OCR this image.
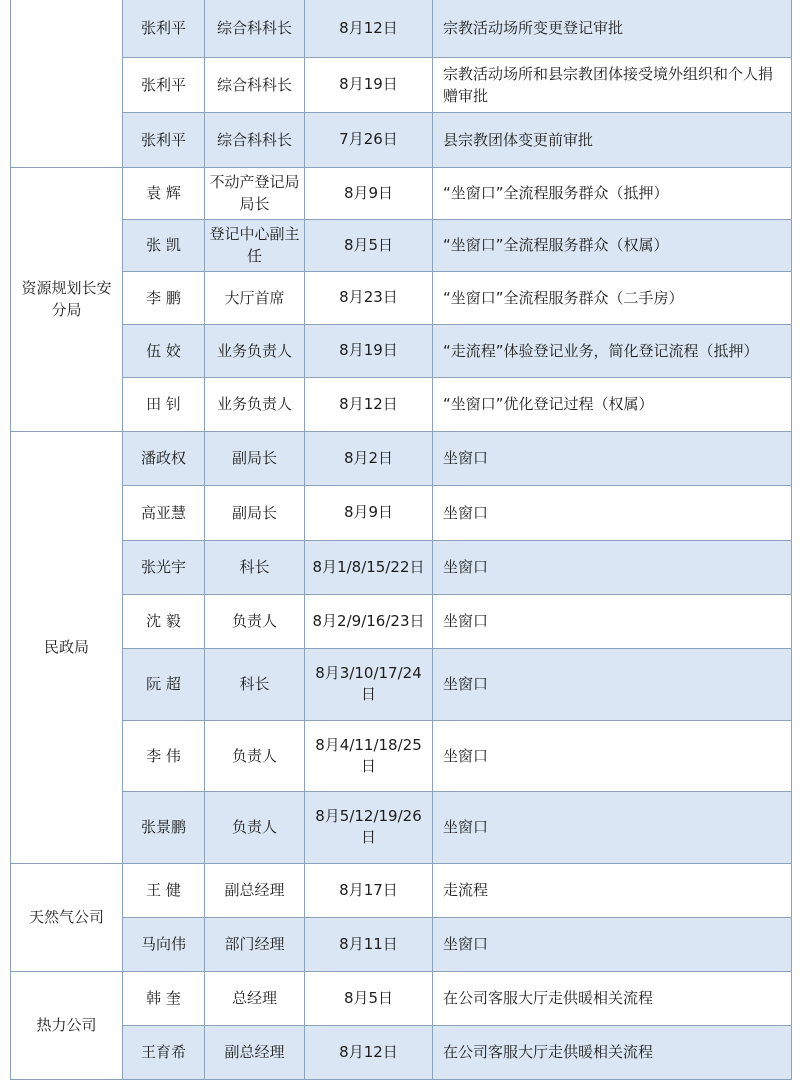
	张利平	综合科科长	8月12日	宗教活动场所变更登记审批
	张利平	综合科科长	8月19日	宗教活动场所和县宗教团体接受境外组织和个人捐赠审批
	张利平	综合科科长	7月26日	县宗教团体变更前审批
资源规划长安分局	袁 辉	不动产登记局局长	8月9日	“坐窗口”全流程服务群众（抵押）
	张 凯	登记中心副主任	8月5日	“坐窗口”全流程服务群众（权属）
	李 鹏	大厅首席	8月23日	“坐窗口”全流程服务群众（二手房）
	伍 姣	业务负责人	8月19日	“走流程”体验登记业务，简化登记流程（抵押）
	田 钊	业务负责人	8月12日	“坐窗口”优化登记过程（权属）
民政局	潘政权	副局长	8月2日	坐窗口
	高亚慧	副局长	8月9日	坐窗口
	张光宇	科长	8月1/8/15/22日	坐窗口
	沈 毅	负责人	8月2/9/16/23日	坐窗口
	阮 超	科长	8月3/10/17/24日	坐窗口
	李 伟	负责人	8月4/11/18/25日	坐窗口
	张景鹏	负责人	8月5/12/19/26日	坐窗口
天然气公司	王 健	副总经理	8月17日	走流程
	马向伟	部门经理	8月11日	坐窗口
热力公司	韩 奎	总经理	8月5日	在公司客服大厅走供暖相关流程
	王育希	副总经理	8月12日	在公司客服大厅走供暖相关流程
